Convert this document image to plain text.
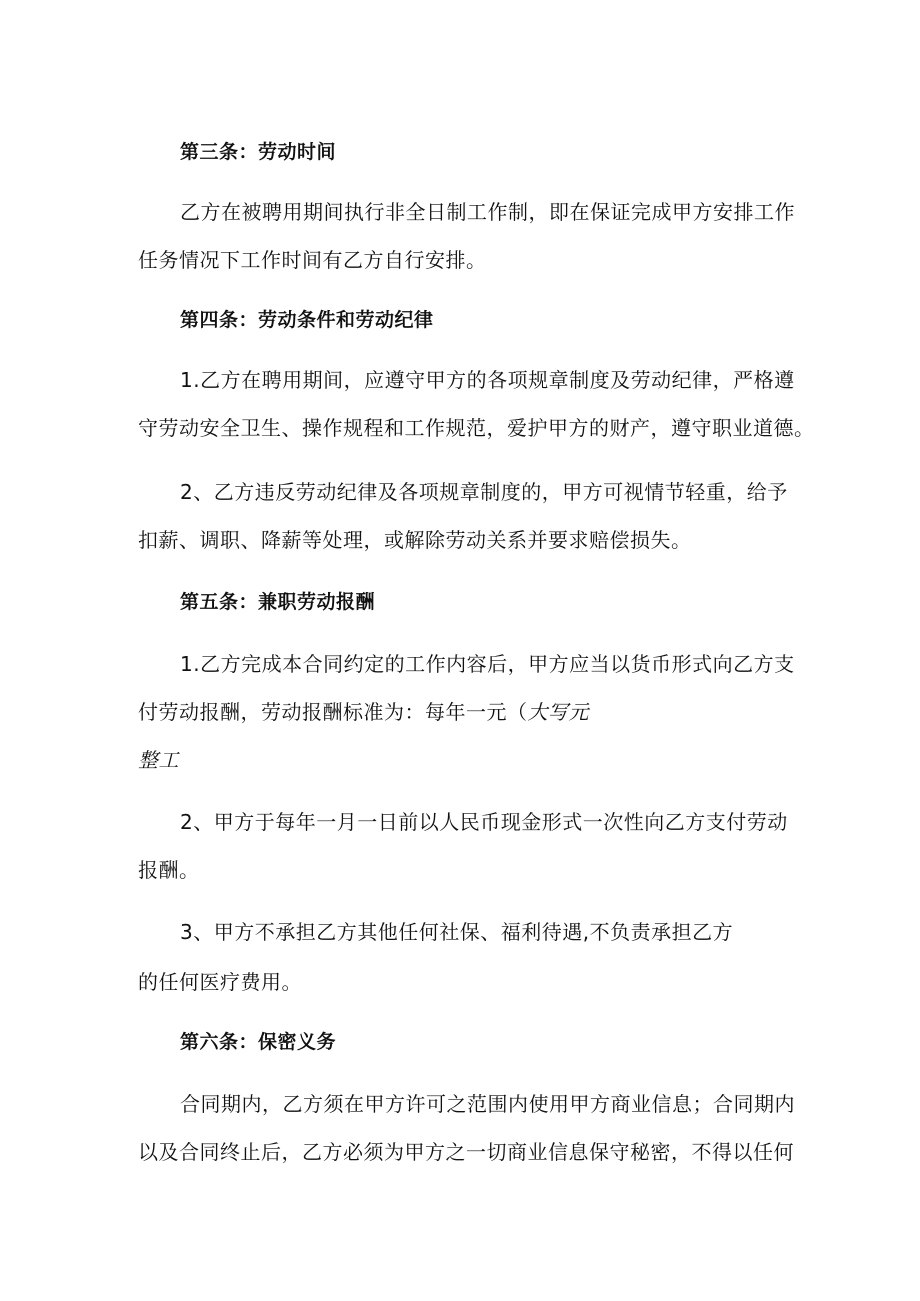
第三条：劳动时间
乙方在被聘用期间执行非全日制工作制，即在保证完成甲方安排工作
任务情况下工作时间有乙方自行安排。
第四条：劳动条件和劳动纪律
1.乙方在聘用期间，应遵守甲方的各项规章制度及劳动纪律，严格遵
守劳动安全卫生、操作规程和工作规范，爱护甲方的财产，遵守职业道德。
2、乙方违反劳动纪律及各项规章制度的，甲方可视情节轻重，给予
扣薪、调职、降薪等处理，或解除劳动关系并要求赔偿损失。
第五条：兼职劳动报酬
1.乙方完成本合同约定的工作内容后，甲方应当以货币形式向乙方支
付劳动报酬，劳动报酬标准为：每年一元（大写元
整工
2、甲方于每年一月一日前以人民币现金形式一次性向乙方支付劳动
报酬。
3、甲方不承担乙方其他任何社保、福利待遇,不负责承担乙方
的任何医疗费用。
第六条：保密义务
合同期内，乙方须在甲方许可之范围内使用甲方商业信息；合同期内
以及合同终止后，乙方必须为甲方之一切商业信息保守秘密，不得以任何
